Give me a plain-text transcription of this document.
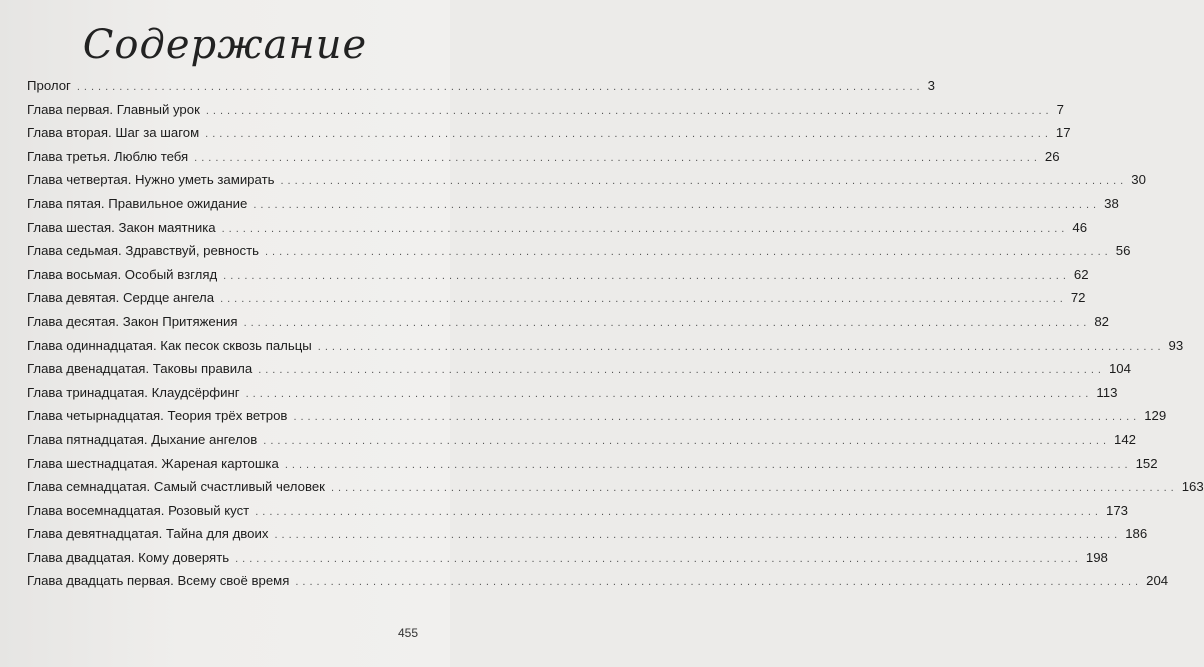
Содержание
Пролог ........................................................................................................................ 3
Глава первая. Главный урок ........................................................................................................................ 7
Глава вторая. Шаг за шагом ........................................................................................................................ 17
Глава третья. Люблю тебя ........................................................................................................................ 26
Глава четвертая. Нужно уметь замирать ........................................................................................................................ 30
Глава пятая. Правильное ожидание ........................................................................................................................ 38
Глава шестая. Закон маятника ........................................................................................................................ 46
Глава седьмая. Здравствуй, ревность ........................................................................................................................ 56
Глава восьмая. Особый взгляд ........................................................................................................................ 62
Глава девятая. Сердце ангела ........................................................................................................................ 72
Глава десятая. Закон Притяжения ........................................................................................................................ 82
Глава одиннадцатая. Как песок сквозь пальцы ........................................................................................................................ 93
Глава двенадцатая. Таковы правила ........................................................................................................................ 104
Глава тринадцатая. Клаудсёрфинг ........................................................................................................................ 113
Глава четырнадцатая. Теория трёх ветров ........................................................................................................................ 129
Глава пятнадцатая. Дыхание ангелов ........................................................................................................................ 142
Глава шестнадцатая. Жареная картошка ........................................................................................................................ 152
Глава семнадцатая. Самый счастливый человек ........................................................................................................................ 163
Глава восемнадцатая. Розовый куст ........................................................................................................................ 173
Глава девятнадцатая. Тайна для двоих ........................................................................................................................ 186
Глава двадцатая. Кому доверять ........................................................................................................................ 198
Глава двадцать первая. Всему своё время ........................................................................................................................ 204
455
